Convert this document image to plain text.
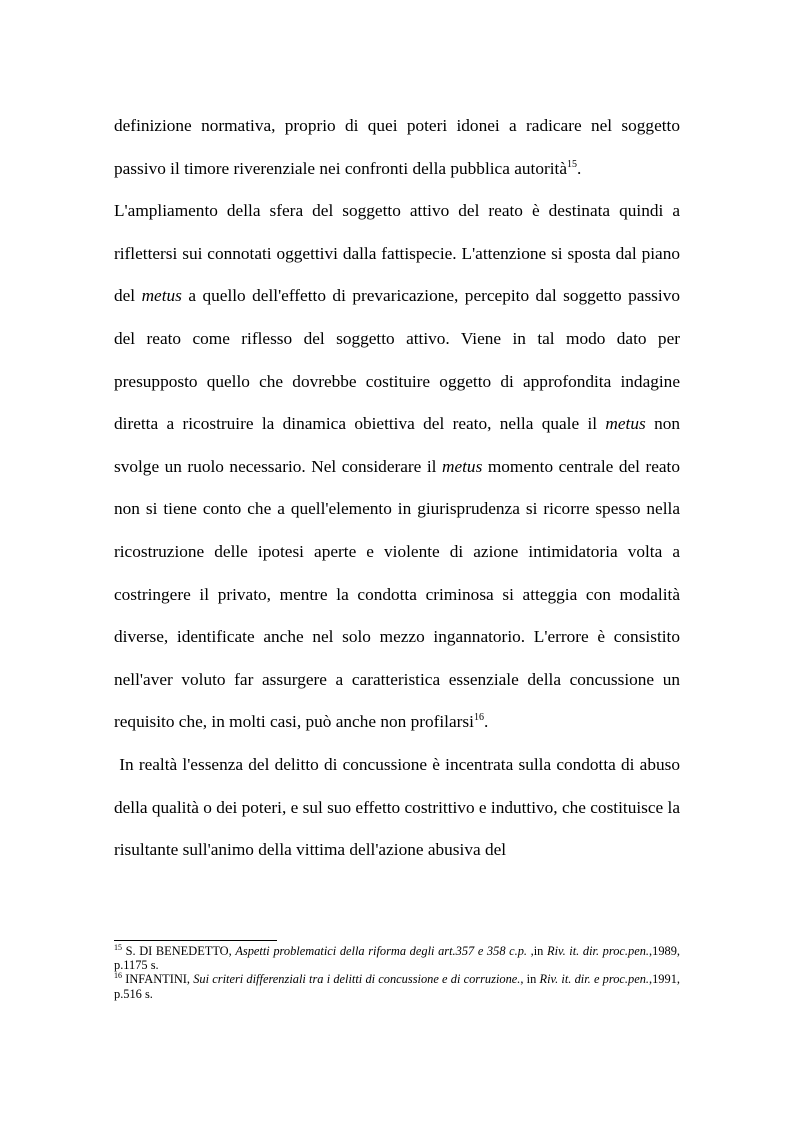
definizione normativa, proprio di quei poteri idonei a radicare nel soggetto passivo il timore riverenziale nei confronti della pubblica autorità$^{15}$.

L'ampliamento della sfera del soggetto attivo del reato è destinata quindi a riflettersi sui connotati oggettivi dalla fattispecie. L'attenzione si sposta dal piano del metus a quello dell'effetto di prevaricazione, percepito dal soggetto passivo del reato come riflesso del soggetto attivo. Viene in tal modo dato per presupposto quello che dovrebbe costituire oggetto di approfondita indagine diretta a ricostruire la dinamica obiettiva del reato, nella quale il metus non svolge un ruolo necessario. Nel considerare il metus momento centrale del reato non si tiene conto che a quell'elemento in giurisprudenza si ricorre spesso nella ricostruzione delle ipotesi aperte e violente di azione intimidatoria volta a costringere il privato, mentre la condotta criminosa si atteggia con modalità diverse, identificate anche nel solo mezzo ingannatorio. L'errore è consistito nell'aver voluto far assurgere a caratteristica essenziale della concussione un requisito che, in molti casi, può anche non profilarsi$^{16}$.

In realtà l'essenza del delitto di concussione è incentrata sulla condotta di abuso della qualità o dei poteri, e sul suo effetto costrittivo e induttivo, che costituisce la risultante sull'animo della vittima dell'azione abusiva del

$^{15}$ S. DI BENEDETTO, Aspetti problematici della riforma degli art.357 e 358 c.p. ,in Riv. it. dir. proc.pen.,1989, p.1175 s.

$^{16}$ INFANTINI, Sui criteri differenziali tra i delitti di concussione e di corruzione., in Riv. it. dir. e proc.pen.,1991, p.516 s.
